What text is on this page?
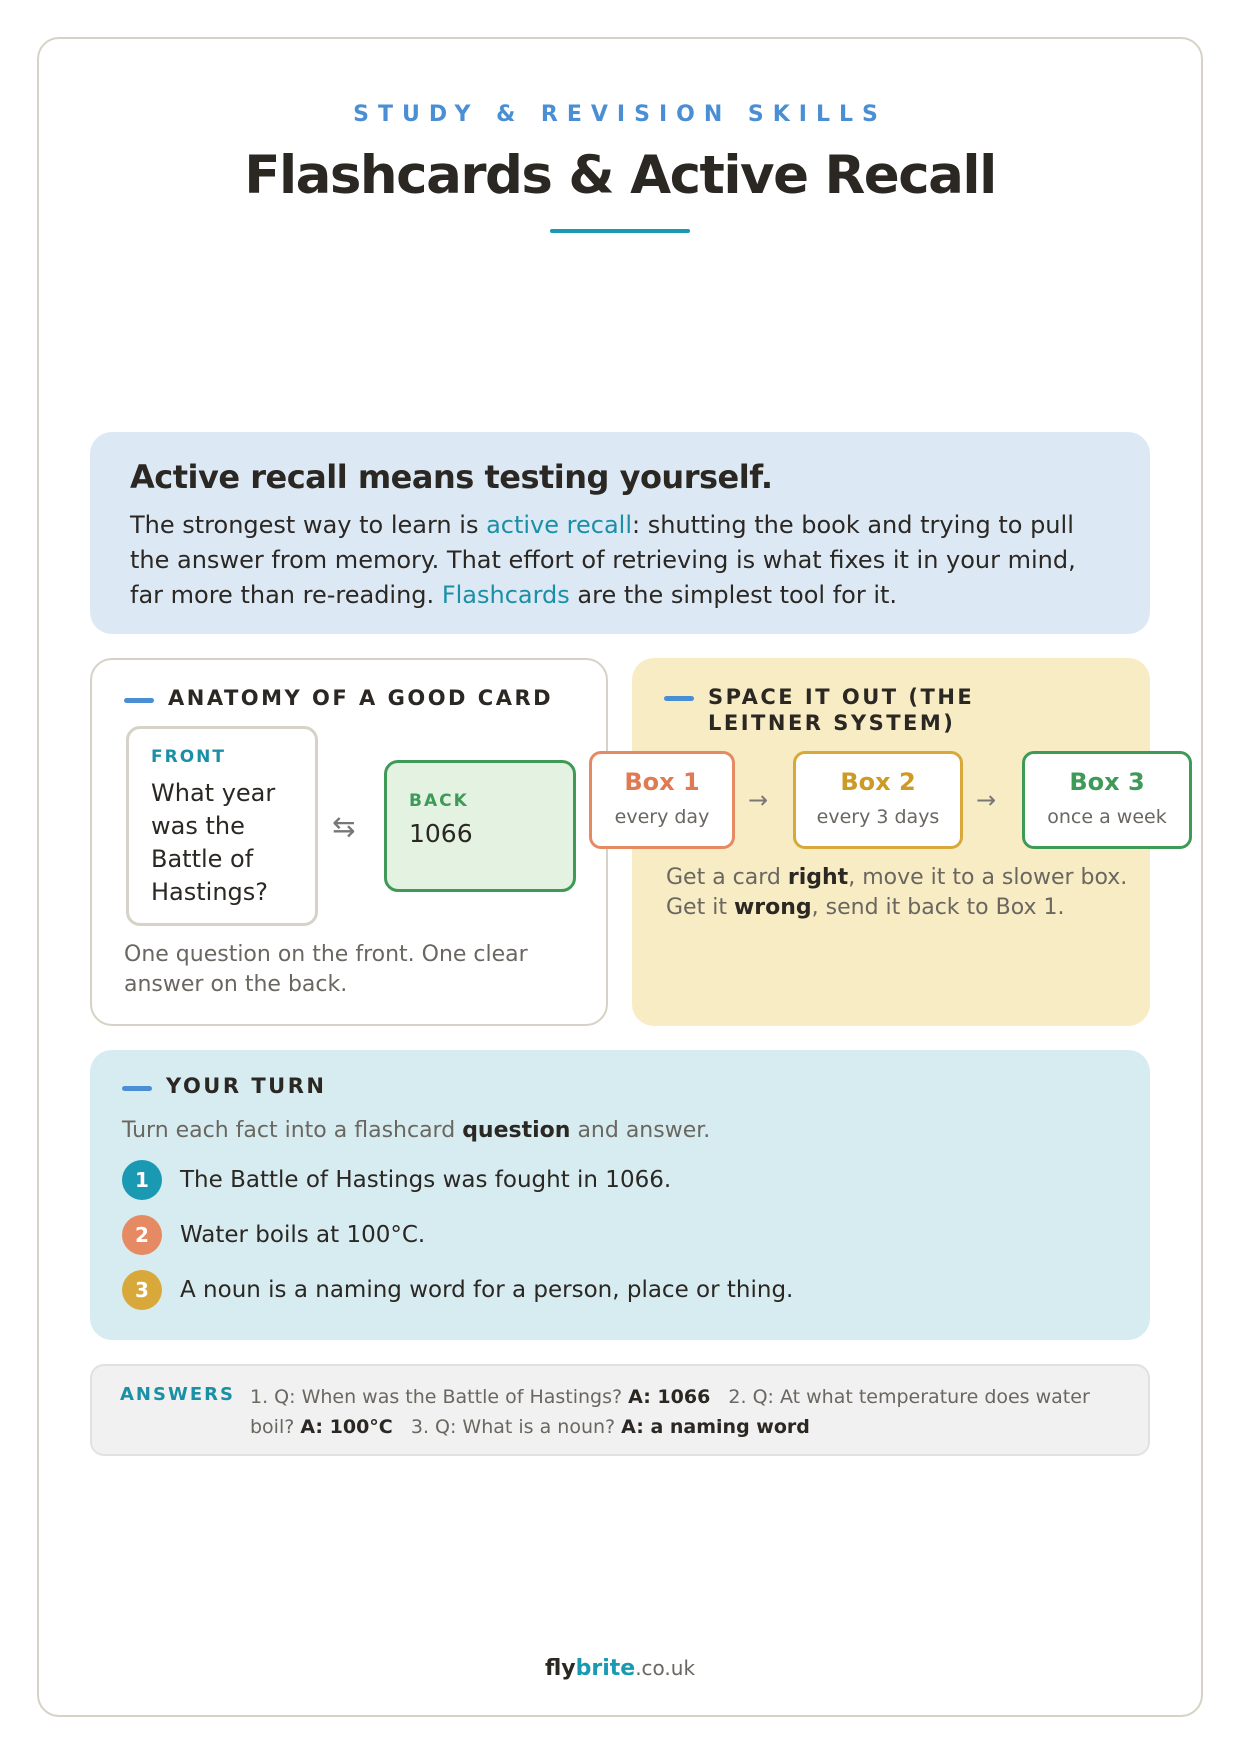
STUDY & REVISION SKILLS
Flashcards & Active Recall
Active recall means testing yourself.

The strongest way to learn is active recall: shutting the book and trying to pull the answer from memory. That effort of retrieving is what fixes it in your mind, far more than re-reading. Flashcards are the simplest tool for it.

ANATOMY OF A GOOD CARD
FRONT
What year was the Battle of Hastings?
⇆
BACK
1066
One question on the front. One clear answer on the back.
SPACE IT OUT (THE LEITNER SYSTEM)
Box 1
every day
→
Box 2
every 3 days
→
Box 3
once a week
Get a card right, move it to a slower box. Get it wrong, send it back to Box 1.
YOUR TURN
Turn each fact into a flashcard question and answer.
1	The Battle of Hastings was fought in 1066.
2	Water boils at 100°C.
3	A noun is a naming word for a person, place or thing.
ANSWERS 1. Q: When was the Battle of Hastings? A: 1066   2. Q: At what temperature does water boil? A: 100°C   3. Q: What is a noun? A: a naming word
flybrite.co.uk
